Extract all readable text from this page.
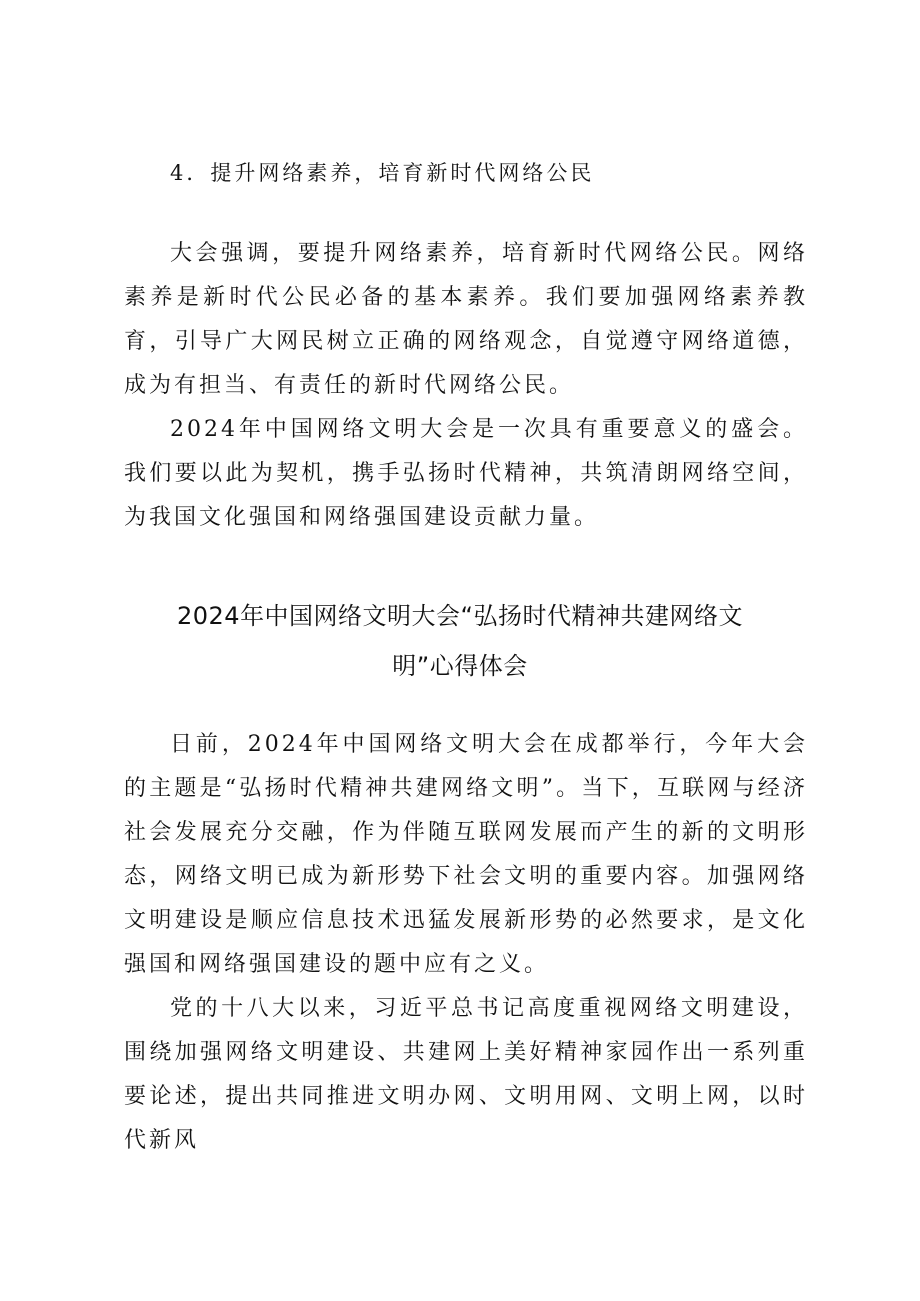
4．提升网络素养，培育新时代网络公民

大会强调，要提升网络素养，培育新时代网络公民。网络素养是新时代公民必备的基本素养。我们要加强网络素养教育，引导广大网民树立正确的网络观念，自觉遵守网络道德，成为有担当、有责任的新时代网络公民。

2024年中国网络文明大会是一次具有重要意义的盛会。我们要以此为契机，携手弘扬时代精神，共筑清朗网络空间，为我国文化强国和网络强国建设贡献力量。

2024年中国网络文明大会“弘扬时代精神共建网络文
明”心得体会

日前，2024年中国网络文明大会在成都举行，今年大会的主题是“弘扬时代精神共建网络文明”。当下，互联网与经济社会发展充分交融，作为伴随互联网发展而产生的新的文明形态，网络文明已成为新形势下社会文明的重要内容。加强网络文明建设是顺应信息技术迅猛发展新形势的必然要求，是文化强国和网络强国建设的题中应有之义。

党的十八大以来，习近平总书记高度重视网络文明建设，围绕加强网络文明建设、共建网上美好精神家园作出一系列重要论述，提出共同推进文明办网、文明用网、文明上网，以时代新风
